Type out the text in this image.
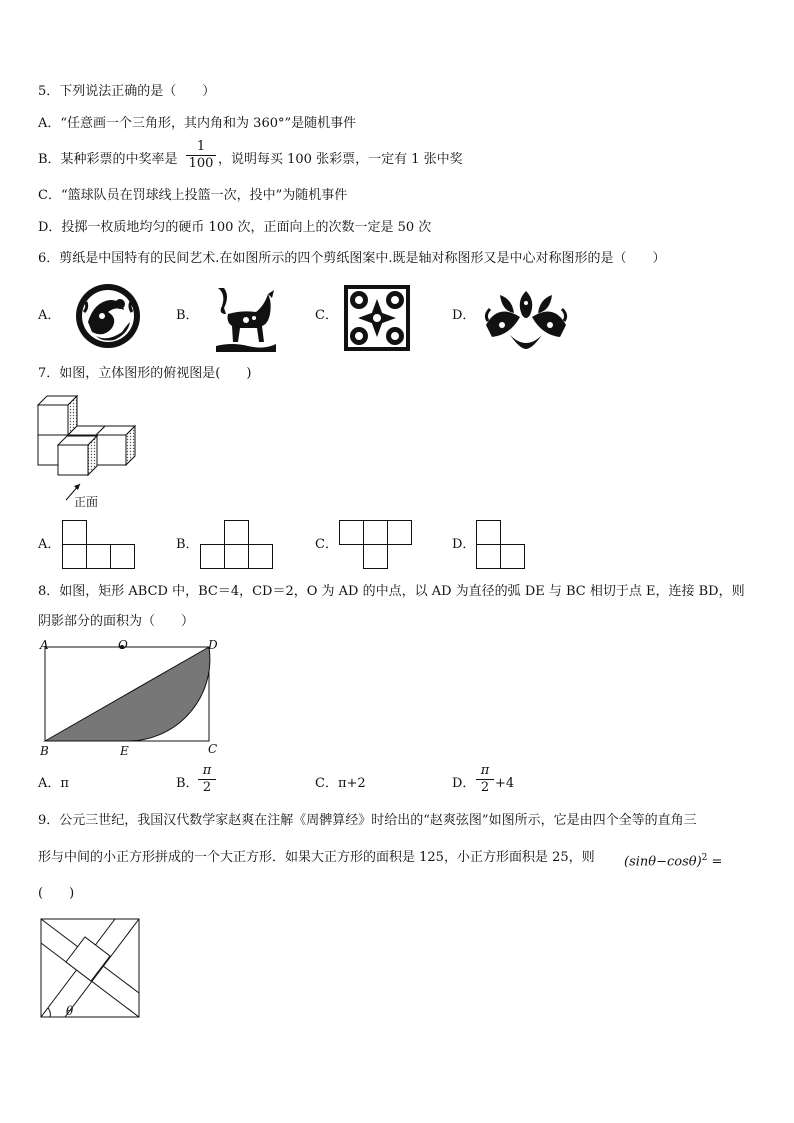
5．下列说法正确的是（　　）
A．“任意画一个三角形，其内角和为 360°”是随机事件
B．某种彩票的中奖率是
1
100 ，说明每买 100 张彩票，一定有 1 张中奖
C．“篮球队员在罚球线上投篮一次，投中”为随机事件
D．投掷一枚质地均匀的硬币 100 次，正面向上的次数一定是 50 次
6．剪纸是中国特有的民间艺术.在如图所示的四个剪纸图案中.既是轴对称图形又是中心对称图形的是（　　）
A．	B．	C．	D．
7．如图，立体图形的俯视图是(　　)
正面
A．	B．	C．	D．
8．如图，矩形 ABCD 中，BC＝4，CD＝2，O 为 AD 的中点，以 AD 为直径的弧 DE 与 BC 相切于点 E，连接 BD，则
阴影部分的面积为（　　）
A	O	D
B	E	C
A．π	B．
π
2	C．π+2	D．
π
2 +4
9．公元三世纪，我国汉代数学家赵爽在注解《周髀算经》时给出的“赵爽弦图”如图所示，它是由四个全等的直角三
形与中间的小正方形拼成的一个大正方形．如果大正方形的面积是 125，小正方形面积是 25，则 $(\sin\theta-\cos\theta)^2$ =
(　　)
θ
